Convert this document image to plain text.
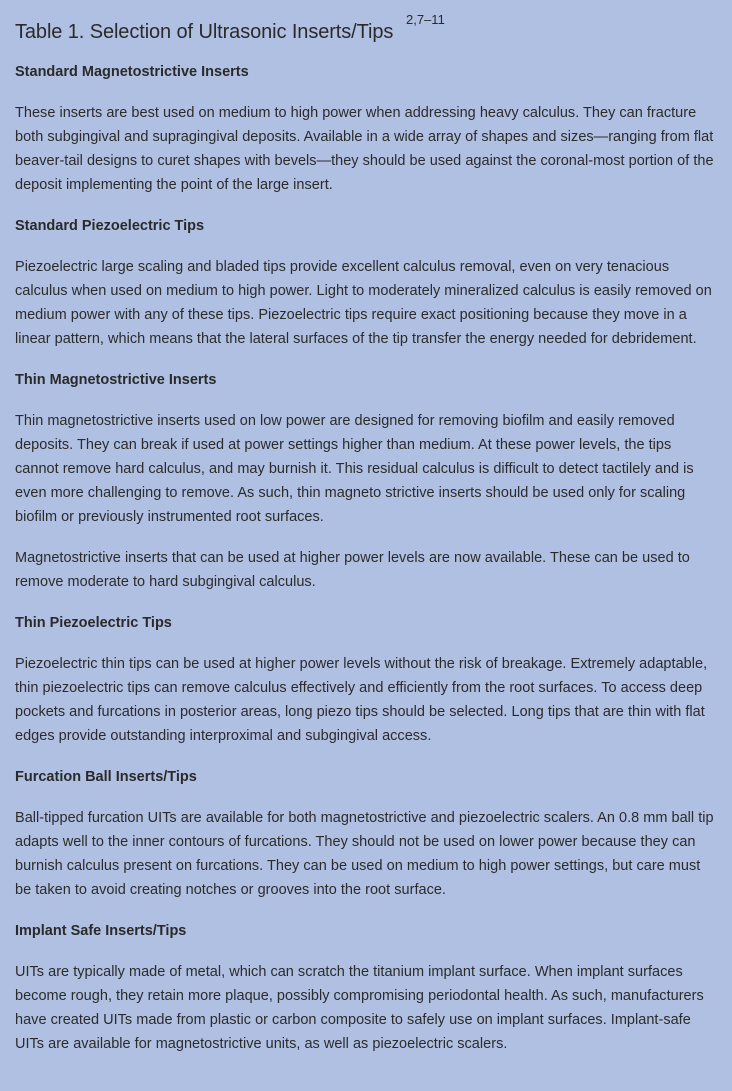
Table 1. Selection of Ultrasonic Inserts/Tips
2,7–11
Standard Magnetostrictive Inserts

These inserts are best used on medium to high power when addressing heavy calculus. They can fracture both subgingival and supragingival deposits. Available in a wide array of shapes and sizes—ranging from flat beaver-tail designs to curet shapes with bevels—they should be used against the coronal-most portion of the deposit implementing the point of the large insert.

Standard Piezoelectric Tips

Piezoelectric large scaling and bladed tips provide excellent calculus removal, even on very tenacious calculus when used on medium to high power. Light to moderately mineralized calculus is easily removed on medium power with any of these tips. Piezoelectric tips require exact positioning because they move in a linear pattern, which means that the lateral surfaces of the tip transfer the energy needed for debridement.

Thin Magnetostrictive Inserts

Thin magnetostrictive inserts used on low power are designed for removing biofilm and easily removed deposits. They can break if used at power settings higher than medium. At these power levels, the tips cannot remove hard calculus, and may burnish it. This residual calculus is difficult to detect tactilely and is even more challenging to remove. As such, thin magneto strictive inserts should be used only for scaling biofilm or previously instrumented root surfaces.

Magnetostrictive inserts that can be used at higher power levels are now available. These can be used to remove moderate to hard subgingival calculus.

Thin Piezoelectric Tips

Piezoelectric thin tips can be used at higher power levels without the risk of breakage. Extremely adaptable, thin piezoelectric tips can remove calculus effectively and efficiently from the root surfaces. To access deep pockets and furcations in posterior areas, long piezo tips should be selected. Long tips that are thin with flat edges provide outstanding interproximal and subgingival access.

Furcation Ball Inserts/Tips

Ball-tipped furcation UITs are available for both magnetostrictive and piezoelectric scalers. An 0.8 mm ball tip adapts well to the inner contours of furcations. They should not be used on lower power because they can burnish calculus present on furcations. They can be used on medium to high power settings, but care must be taken to avoid creating notches or grooves into the root surface.

Implant Safe Inserts/Tips

UITs are typically made of metal, which can scratch the titanium implant surface. When implant surfaces become rough, they retain more plaque, possibly compromising periodontal health. As such, manufacturers have created UITs made from plastic or carbon composite to safely use on implant surfaces. Implant-safe UITs are available for magnetostrictive units, as well as piezoelectric scalers.
